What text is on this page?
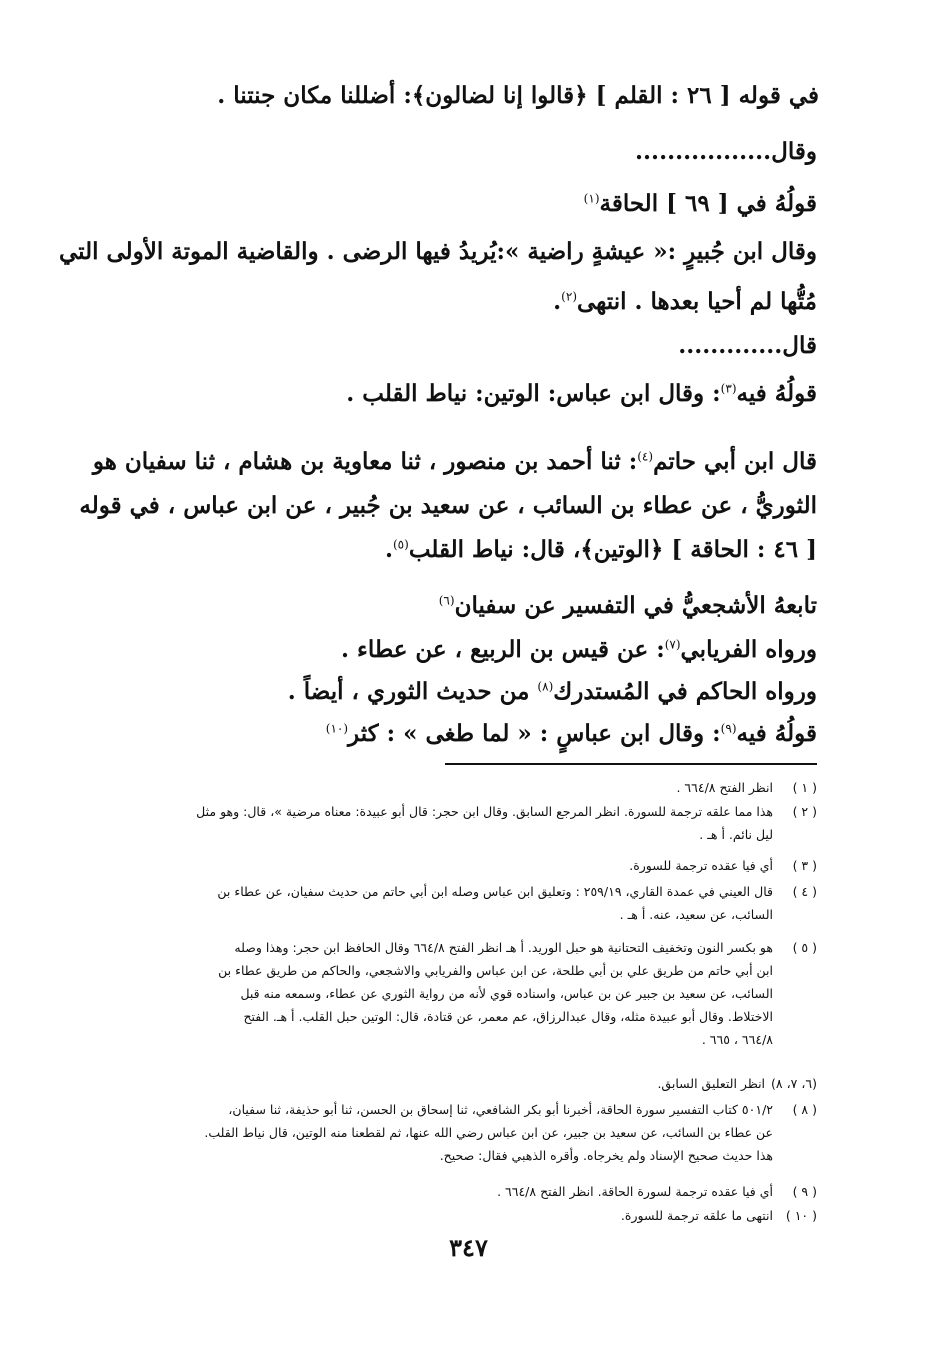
في قوله [ ٢٦ : القلم ] ﴿قالوا إنا لضالون﴾: أضللنا مكان جنتنا .

وقال.................

قولُهُ في [ ٦٩ ] الحاقة$^{(١)}$

وقال ابن جُبيرٍ :« عيشةٍ راضية »:يُريدُ فيها الرضى . والقاضية الموتة الأولى التي

مُتُّها لم أحيا بعدها . انتهى$^{(٢)}$.

قال.............

قولُهُ فيه$^{(٣)}$: وقال ابن عباس: الوتين: نياط القلب .

قال ابن أبي حاتم$^{(٤)}$: ثنا أحمد بن منصور ، ثنا معاوية بن هشام ، ثنا سفيان هو

الثوريُّ ، عن عطاء بن السائب ، عن سعيد بن جُبير ، عن ابن عباس ، في قوله

[ ٤٦ : الحاقة ] ﴿الوتين﴾، قال: نياط القلب$^{(٥)}$.

تابعهُ الأشجعيُّ في التفسير عن سفيان$^{(٦)}$

ورواه الفريابي$^{(٧)}$: عن قيس بن الربيع ، عن عطاء .

ورواه الحاكم في المُستدرك$^{(٨)}$ من حديث الثوري ، أيضاً .

قولُهُ فيه$^{(٩)}$: وقال ابن عباسٍ : « لما طغى » : كثر$^{(١٠)}$

( ١ )انظر الفتح ٦٦٤/٨ .

( ٢ )هذا مما علقه ترجمة للسورة. انظر المرجع السابق. وقال ابن حجر: قال أبو عبيدة: معناه مرضية »، قال: وهو مثل
ليل نائم. أ هـ .

( ٣ )أي فيا عقده ترجمة للسورة.

( ٤ )قال العيني في عمدة القاري، ٢٥٩/١٩ : وتعليق ابن عباس وصله ابن أبي حاتم من حديث سفيان، عن عطاء بن
السائب، عن سعيد، عنه. أ هـ .

( ٥ )هو بكسر النون وتخفيف التحتانية هو حبل الوريد. أ هـ انظر الفتح ٦٦٤/٨ وقال الحافظ ابن حجر: وهذا وصله
ابن أبي حاتم من طريق علي بن أبي طلحة، عن ابن عباس والفريابي والاشجعي، والحاكم من طريق عطاء بن
السائب، عن سعيد بن جبير عن بن عباس، واسناده قوي لأنه من رواية الثوري عن عطاء، وسمعه منه قبل
الاختلاط. وقال أبو عبيدة مثله، وقال عبدالرزاق، عم معمر، عن قتادة، قال: الوتين حبل القلب. أ هـ. الفتح
٦٦٤/٨ ، ٦٦٥ .

(٦، ٧، ٨)انظر التعليق السابق.

( ٨ )٥٠١/٢ كتاب التفسير سورة الحاقة، أخبرنا أبو بكر الشافعي، ثنا إسحاق بن الحسن، ثنا أبو حذيفة، ثنا سفيان،
عن عطاء بن السائب، عن سعيد بن جبير، عن ابن عباس رضي الله عنها، ثم لقطعنا منه الوتين، قال نياط القلب.
هذا حديث صحيح الإسناد ولم يخرجاه. وأقره الذهبي فقال: صحيح.

( ٩ )أي فيا عقده ترجمة لسورة الحاقة. انظر الفتح ٦٦٤/٨ .

( ١٠ )انتهى ما علقه ترجمة للسورة.

٣٤٧
